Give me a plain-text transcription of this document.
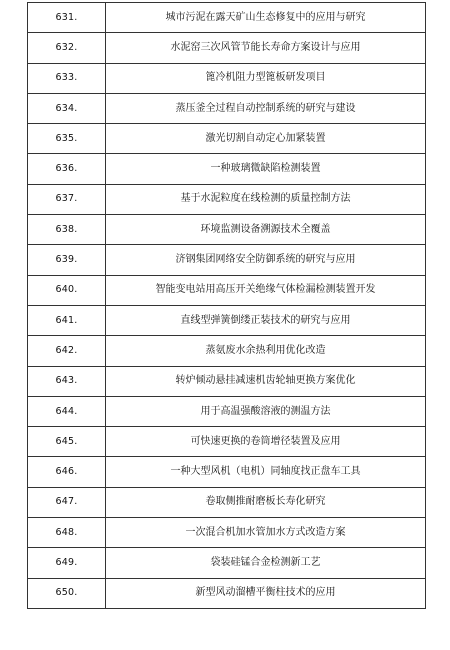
631.	城市污泥在露天矿山生态修复中的应用与研究
632.	水泥窑三次风管节能长寿命方案设计与应用
633.	篦冷机阻力型篦板研发项目
634.	蒸压釜全过程自动控制系统的研究与建设
635.	激光切割自动定心加紧装置
636.	一种玻璃微缺陷检测装置
637.	基于水泥粒度在线检测的质量控制方法
638.	环境监测设备溯源技术全覆盖
639.	济钢集团网络安全防御系统的研究与应用
640.	智能变电站用高压开关绝缘气体检漏检测装置开发
641.	直线型弹簧倒缕正装技术的研究与应用
642.	蒸氨废水余热利用优化改造
643.	转炉倾动悬挂减速机齿轮轴更换方案优化
644.	用于高温强酸溶液的测温方法
645.	可快速更换的卷筒增径装置及应用
646.	一种大型风机（电机）同轴度找正盘车工具
647.	卷取侧推耐磨板长寿化研究
648.	一次混合机加水管加水方式改造方案
649.	袋装硅锰合金检测新工艺
650.	新型风动溜槽平衡柱技术的应用
